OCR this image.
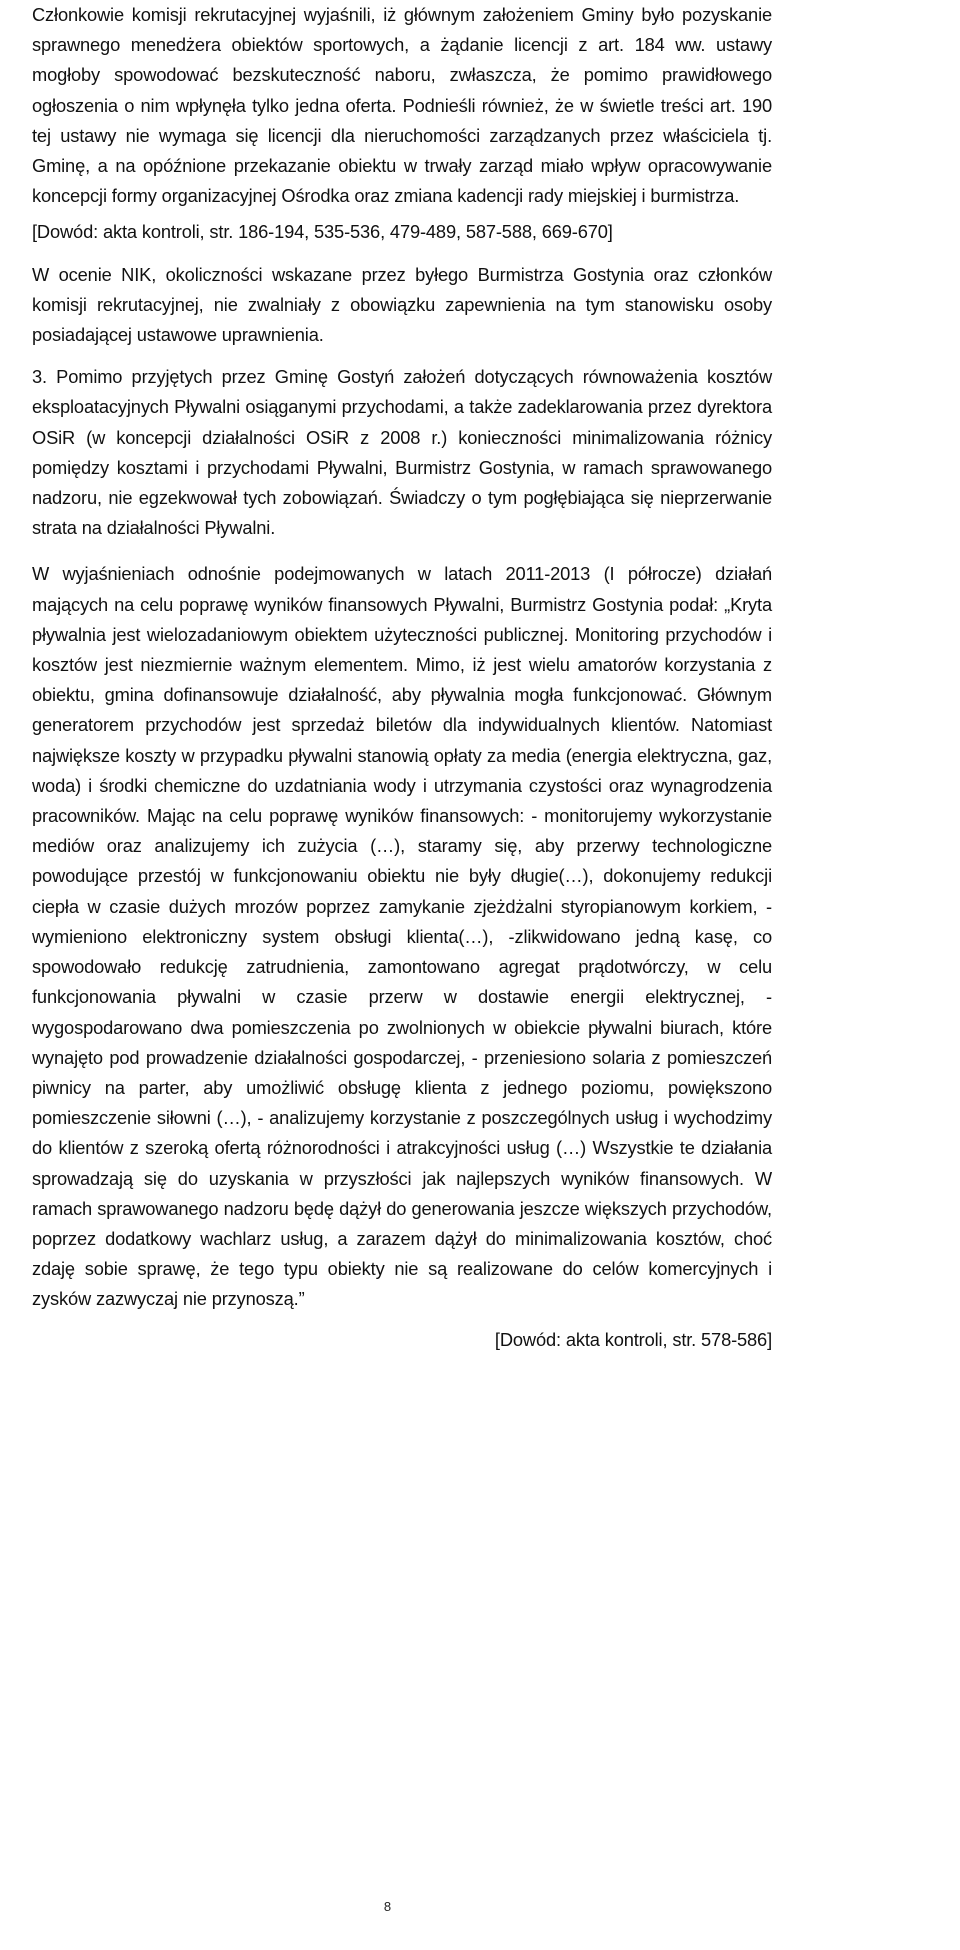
Członkowie komisji rekrutacyjnej wyjaśnili, iż głównym założeniem Gminy było pozyskanie sprawnego menedżera obiektów sportowych, a żądanie licencji z art. 184 ww. ustawy mogłoby spowodować bezskuteczność naboru, zwłaszcza, że pomimo prawidłowego ogłoszenia o nim wpłynęła tylko jedna oferta. Podnieśli również, że w świetle treści art. 190 tej ustawy nie wymaga się licencji dla nieruchomości zarządzanych przez właściciela tj. Gminę, a na opóźnione przekazanie obiektu w trwały zarząd miało wpływ opracowywanie koncepcji formy organizacyjnej Ośrodka oraz zmiana kadencji rady miejskiej i burmistrza.

[Dowód: akta kontroli, str. 186-194, 535-536, 479-489, 587-588, 669-670]

W ocenie NIK, okoliczności wskazane przez byłego Burmistrza Gostynia oraz członków komisji rekrutacyjnej, nie zwalniały z obowiązku zapewnienia na tym stanowisku osoby posiadającej ustawowe uprawnienia.

3. Pomimo przyjętych przez Gminę Gostyń założeń dotyczących równoważenia kosztów eksploatacyjnych Pływalni osiąganymi przychodami, a także zadeklarowania przez dyrektora OSiR (w koncepcji działalności OSiR z 2008 r.) konieczności minimalizowania różnicy pomiędzy kosztami i przychodami Pływalni, Burmistrz Gostynia, w ramach sprawowanego nadzoru, nie egzekwował tych zobowiązań. Świadczy o tym pogłębiająca się nieprzerwanie strata na działalności Pływalni.

W wyjaśnieniach odnośnie podejmowanych w latach 2011-2013 (I półrocze) działań mających na celu poprawę wyników finansowych Pływalni, Burmistrz Gostynia podał: „Kryta pływalnia jest wielozadaniowym obiektem użyteczności publicznej. Monitoring przychodów i kosztów jest niezmiernie ważnym elementem. Mimo, iż jest wielu amatorów korzystania z obiektu, gmina dofinansowuje działalność, aby pływalnia mogła funkcjonować. Głównym generatorem przychodów jest sprzedaż biletów dla indywidualnych klientów. Natomiast największe koszty w przypadku pływalni stanowią opłaty za media (energia elektryczna, gaz, woda) i środki chemiczne do uzdatniania wody i utrzymania czystości oraz wynagrodzenia pracowników. Mając na celu poprawę wyników finansowych: - monitorujemy wykorzystanie mediów oraz analizujemy ich zużycia (…), staramy się, aby przerwy technologiczne powodujące przestój w funkcjonowaniu obiektu nie były długie(…), dokonujemy redukcji ciepła w czasie dużych mrozów poprzez zamykanie zjeżdżalni styropianowym korkiem, - wymieniono elektroniczny system obsługi klienta(…), -zlikwidowano jedną kasę, co spowodowało redukcję zatrudnienia, zamontowano agregat prądotwórczy, w celu funkcjonowania pływalni w czasie przerw w dostawie energii elektrycznej, - wygospodarowano dwa pomieszczenia po zwolnionych w obiekcie pływalni biurach, które wynajęto pod prowadzenie działalności gospodarczej, - przeniesiono solaria z pomieszczeń piwnicy na parter, aby umożliwić obsługę klienta z jednego poziomu, powiększono pomieszczenie siłowni (…), - analizujemy korzystanie z poszczególnych usług i wychodzimy do klientów z szeroką ofertą różnorodności i atrakcyjności usług (…) Wszystkie te działania sprowadzają się do uzyskania w przyszłości jak najlepszych wyników finansowych. W ramach sprawowanego nadzoru będę dążył do generowania jeszcze większych przychodów, poprzez dodatkowy wachlarz usług, a zarazem dążył do minimalizowania kosztów, choć zdaję sobie sprawę, że tego typu obiekty nie są realizowane do celów komercyjnych i zysków zazwyczaj nie przynoszą.”

[Dowód: akta kontroli, str. 578-586]

8
